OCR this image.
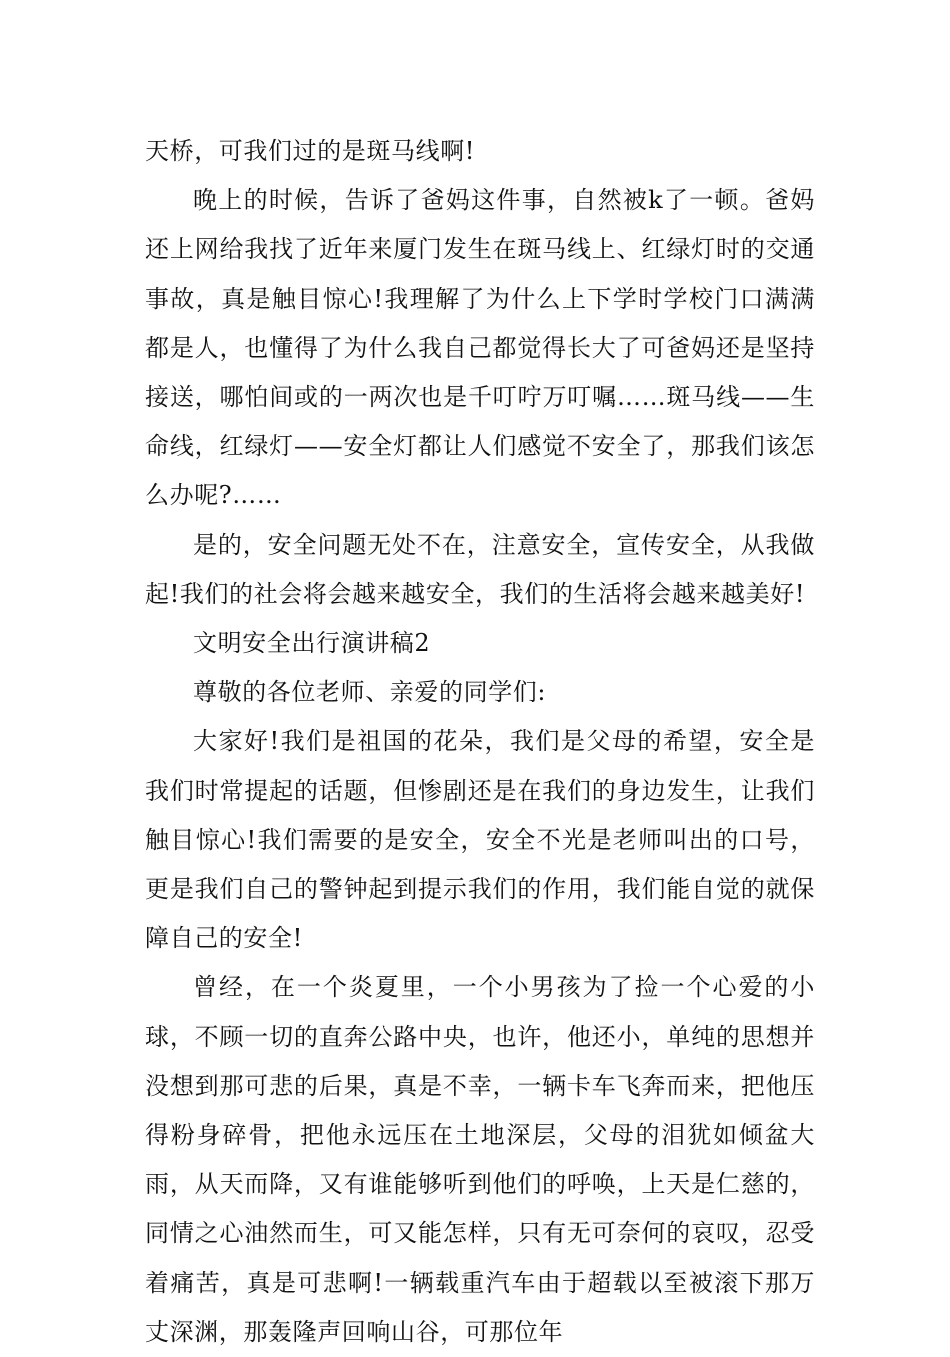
天桥，可我们过的是斑马线啊!

晚上的时候，告诉了爸妈这件事，自然被k了一顿。爸妈还上网给我找了近年来厦门发生在斑马线上、红绿灯时的交通事故，真是触目惊心!我理解了为什么上下学时学校门口满满都是人，也懂得了为什么我自己都觉得长大了可爸妈还是坚持接送，哪怕间或的一两次也是千叮咛万叮嘱……斑马线——生命线，红绿灯——安全灯都让人们感觉不安全了，那我们该怎么办呢?……

是的，安全问题无处不在，注意安全，宣传安全，从我做起!我们的社会将会越来越安全，我们的生活将会越来越美好!

文明安全出行演讲稿2

尊敬的各位老师、亲爱的同学们:

大家好!我们是祖国的花朵，我们是父母的希望，安全是我们时常提起的话题，但惨剧还是在我们的身边发生，让我们触目惊心!我们需要的是安全，安全不光是老师叫出的口号，更是我们自己的警钟起到提示我们的作用，我们能自觉的就保障自己的安全!

曾经，在一个炎夏里，一个小男孩为了捡一个心爱的小球，不顾一切的直奔公路中央，也许，他还小，单纯的思想并没想到那可悲的后果，真是不幸，一辆卡车飞奔而来，把他压得粉身碎骨，把他永远压在土地深层，父母的泪犹如倾盆大雨，从天而降，又有谁能够听到他们的呼唤，上天是仁慈的，同情之心油然而生，可又能怎样，只有无可奈何的哀叹，忍受着痛苦，真是可悲啊!一辆载重汽车由于超载以至被滚下那万丈深渊，那轰隆声回响山谷，可那位年
